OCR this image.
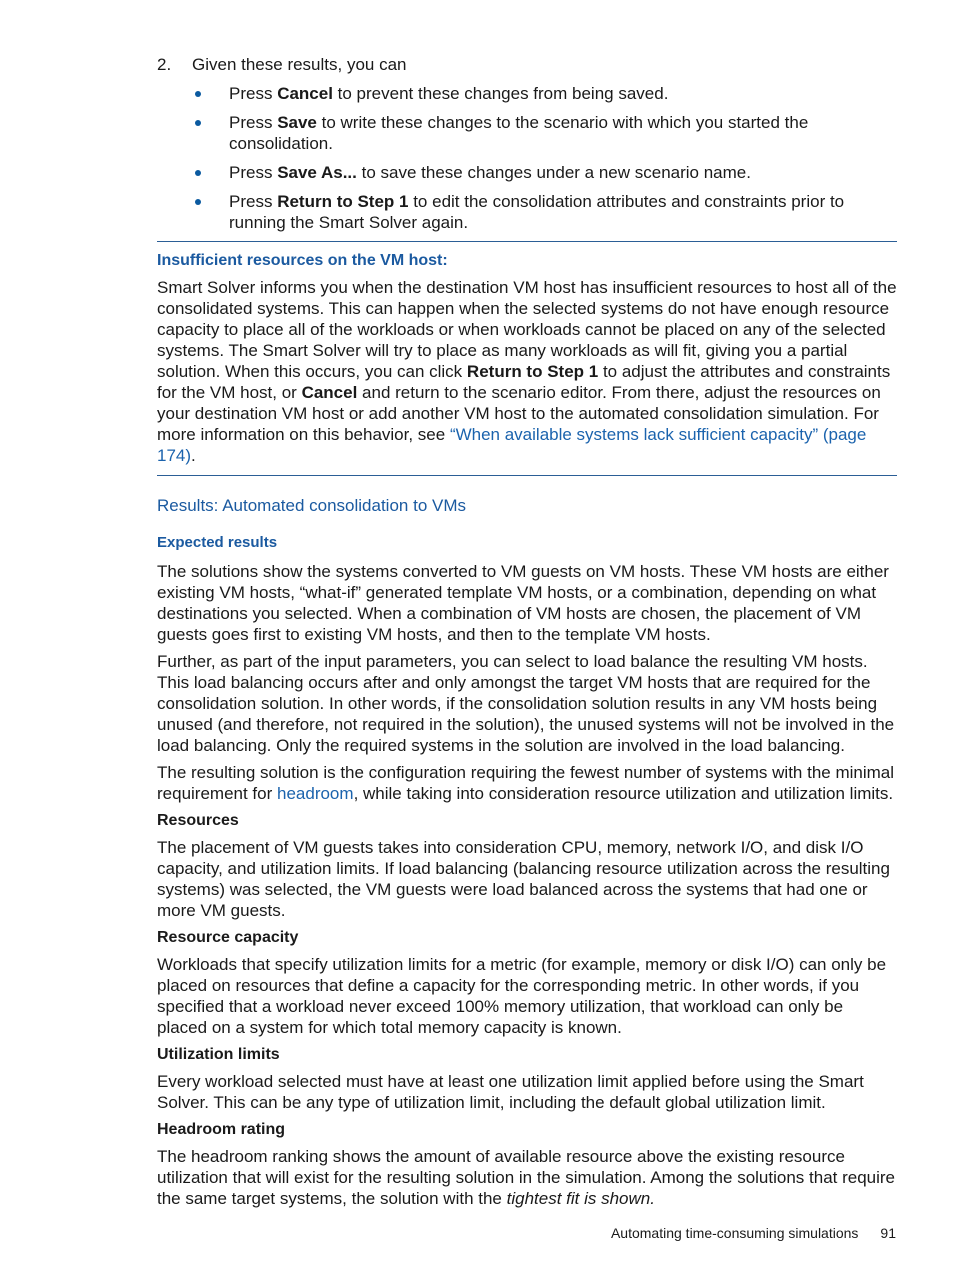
2.	Given these results, you can
Press Cancel to prevent these changes from being saved.
Press Save to write these changes to the scenario with which you started the consolidation.
Press Save As... to save these changes under a new scenario name.
Press Return to Step 1 to edit the consolidation attributes and constraints prior to running the Smart Solver again.
Insufficient resources on the VM host:

Smart Solver informs you when the destination VM host has insufficient resources to host all of the consolidated systems. This can happen when the selected systems do not have enough resource capacity to place all of the workloads or when workloads cannot be placed on any of the selected systems. The Smart Solver will try to place as many workloads as will fit, giving you a partial solution. When this occurs, you can click Return to Step 1 to adjust the attributes and constraints for the VM host, or Cancel and return to the scenario editor. From there, adjust the resources on your destination VM host or add another VM host to the automated consolidation simulation. For more information on this behavior, see “When available systems lack sufficient capacity” (page 174).

Results: Automated consolidation to VMs
Expected results

The solutions show the systems converted to VM guests on VM hosts. These VM hosts are either existing VM hosts, “what-if” generated template VM hosts, or a combination, depending on what destinations you selected. When a combination of VM hosts are chosen, the placement of VM guests goes first to existing VM hosts, and then to the template VM hosts.

Further, as part of the input parameters, you can select to load balance the resulting VM hosts. This load balancing occurs after and only amongst the target VM hosts that are required for the consolidation solution. In other words, if the consolidation solution results in any VM hosts being unused (and therefore, not required in the solution), the unused systems will not be involved in the load balancing. Only the required systems in the solution are involved in the load balancing.

The resulting solution is the configuration requiring the fewest number of systems with the minimal requirement for headroom, while taking into consideration resource utilization and utilization limits.

Resources

The placement of VM guests takes into consideration CPU, memory, network I/O, and disk I/O capacity, and utilization limits. If load balancing (balancing resource utilization across the resulting systems) was selected, the VM guests were load balanced across the systems that had one or more VM guests.

Resource capacity

Workloads that specify utilization limits for a metric (for example, memory or disk I/O) can only be placed on resources that define a capacity for the corresponding metric. In other words, if you specified that a workload never exceed 100% memory utilization, that workload can only be placed on a system for which total memory capacity is known.

Utilization limits

Every workload selected must have at least one utilization limit applied before using the Smart Solver. This can be any type of utilization limit, including the default global utilization limit.

Headroom rating

The headroom ranking shows the amount of available resource above the existing resource utilization that will exist for the resulting solution in the simulation. Among the solutions that require the same target systems, the solution with the tightest fit is shown.

Automating time-consuming simulations 91
